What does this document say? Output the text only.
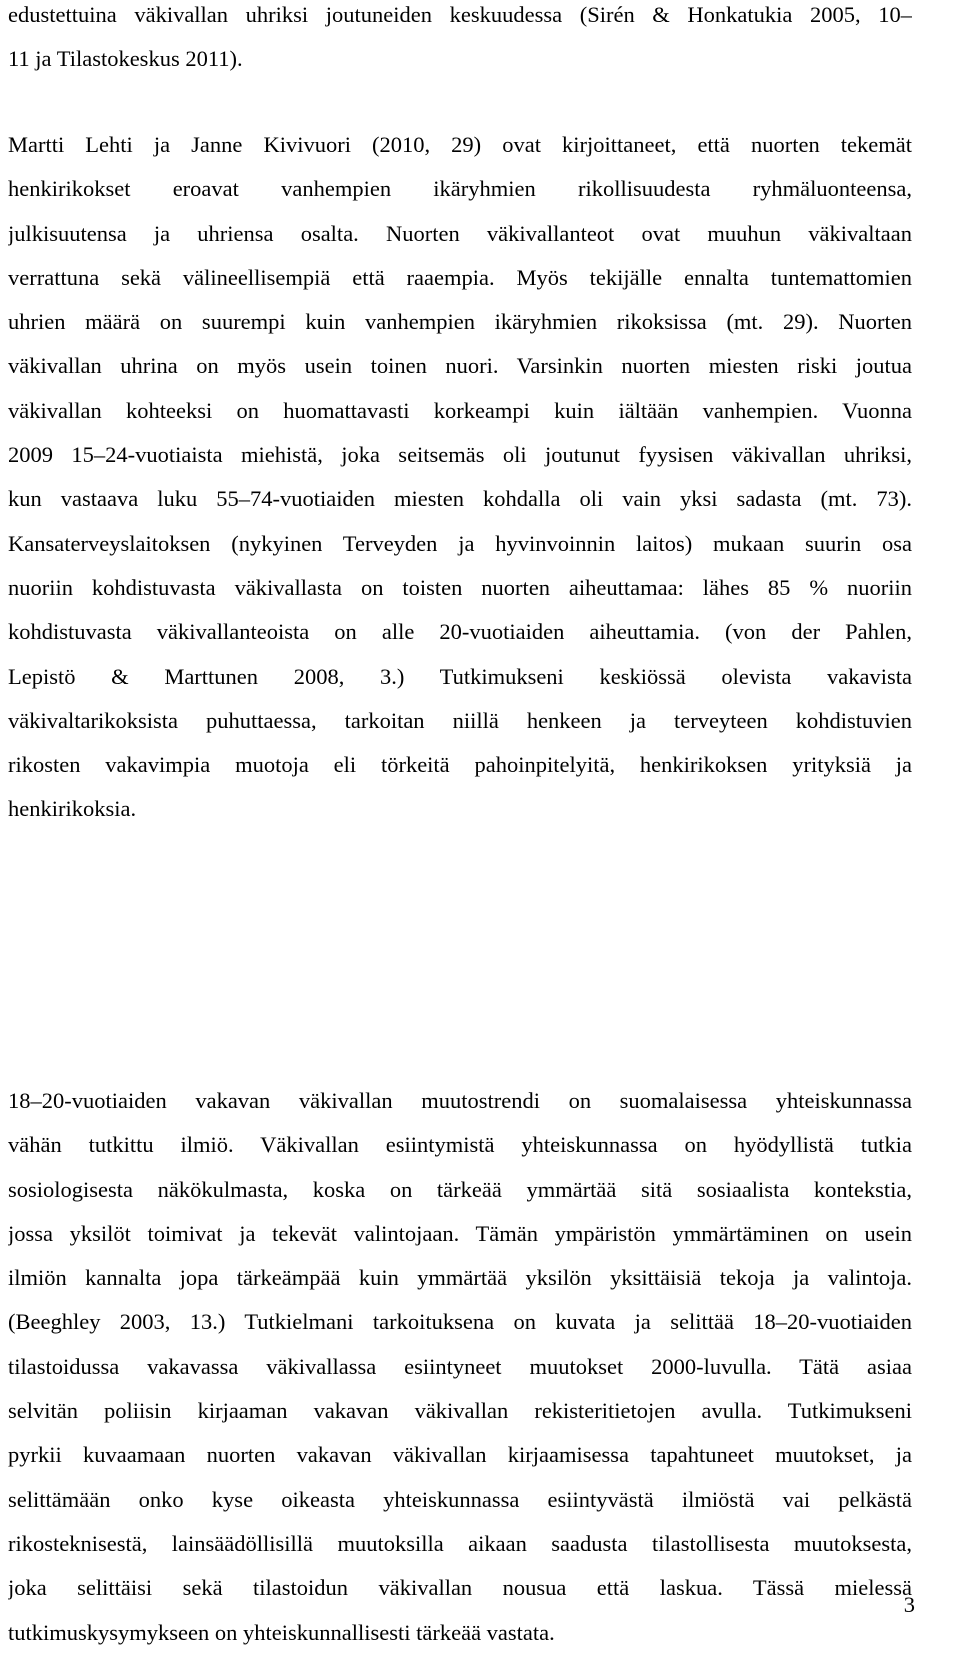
edustettuina väkivallan uhriksi joutuneiden keskuudessa (Sirén & Honkatukia 2005, 10–
11 ja Tilastokeskus 2011).
Martti Lehti ja Janne Kivivuori (2010, 29) ovat kirjoittaneet, että nuorten tekemät
henkirikokset eroavat vanhempien ikäryhmien rikollisuudesta ryhmäluonteensa,
julkisuutensa ja uhriensa osalta. Nuorten väkivallanteot ovat muuhun väkivaltaan
verrattuna sekä välineellisempiä että raaempia. Myös tekijälle ennalta tuntemattomien
uhrien määrä on suurempi kuin vanhempien ikäryhmien rikoksissa (mt. 29). Nuorten
väkivallan uhrina on myös usein toinen nuori. Varsinkin nuorten miesten riski joutua
väkivallan kohteeksi on huomattavasti korkeampi kuin iältään vanhempien. Vuonna
2009 15–24-vuotiaista miehistä, joka seitsemäs oli joutunut fyysisen väkivallan uhriksi,
kun vastaava luku 55–74-vuotiaiden miesten kohdalla oli vain yksi sadasta (mt. 73).
Kansaterveyslaitoksen (nykyinen Terveyden ja hyvinvoinnin laitos) mukaan suurin osa
nuoriin kohdistuvasta väkivallasta on toisten nuorten aiheuttamaa: lähes 85 % nuoriin
kohdistuvasta väkivallanteoista on alle 20-vuotiaiden aiheuttamia. (von der Pahlen,
Lepistö & Marttunen 2008, 3.) Tutkimukseni keskiössä olevista vakavista
väkivaltarikoksista puhuttaessa, tarkoitan niillä henkeen ja terveyteen kohdistuvien
rikosten vakavimpia muotoja eli törkeitä pahoinpitelyitä, henkirikoksen yrityksiä ja
henkirikoksia.
18–20-vuotiaiden vakavan väkivallan muutostrendi on suomalaisessa yhteiskunnassa
vähän tutkittu ilmiö. Väkivallan esiintymistä yhteiskunnassa on hyödyllistä tutkia
sosiologisesta näkökulmasta, koska on tärkeää ymmärtää sitä sosiaalista kontekstia,
jossa yksilöt toimivat ja tekevät valintojaan. Tämän ympäristön ymmärtäminen on usein
ilmiön kannalta jopa tärkeämpää kuin ymmärtää yksilön yksittäisiä tekoja ja valintoja.
(Beeghley 2003, 13.) Tutkielmani tarkoituksena on kuvata ja selittää 18–20-vuotiaiden
tilastoidussa vakavassa väkivallassa esiintyneet muutokset 2000-luvulla. Tätä asiaa
selvitän poliisin kirjaaman vakavan väkivallan rekisteritietojen avulla. Tutkimukseni
pyrkii kuvaamaan nuorten vakavan väkivallan kirjaamisessa tapahtuneet muutokset, ja
selittämään onko kyse oikeasta yhteiskunnassa esiintyvästä ilmiöstä vai pelkästä
rikosteknisestä, lainsäädöllisillä muutoksilla aikaan saadusta tilastollisesta muutoksesta,
joka selittäisi sekä tilastoidun väkivallan nousua että laskua. Tässä mielessä
tutkimuskysymykseen on yhteiskunnallisesti tärkeää vastata.
3
